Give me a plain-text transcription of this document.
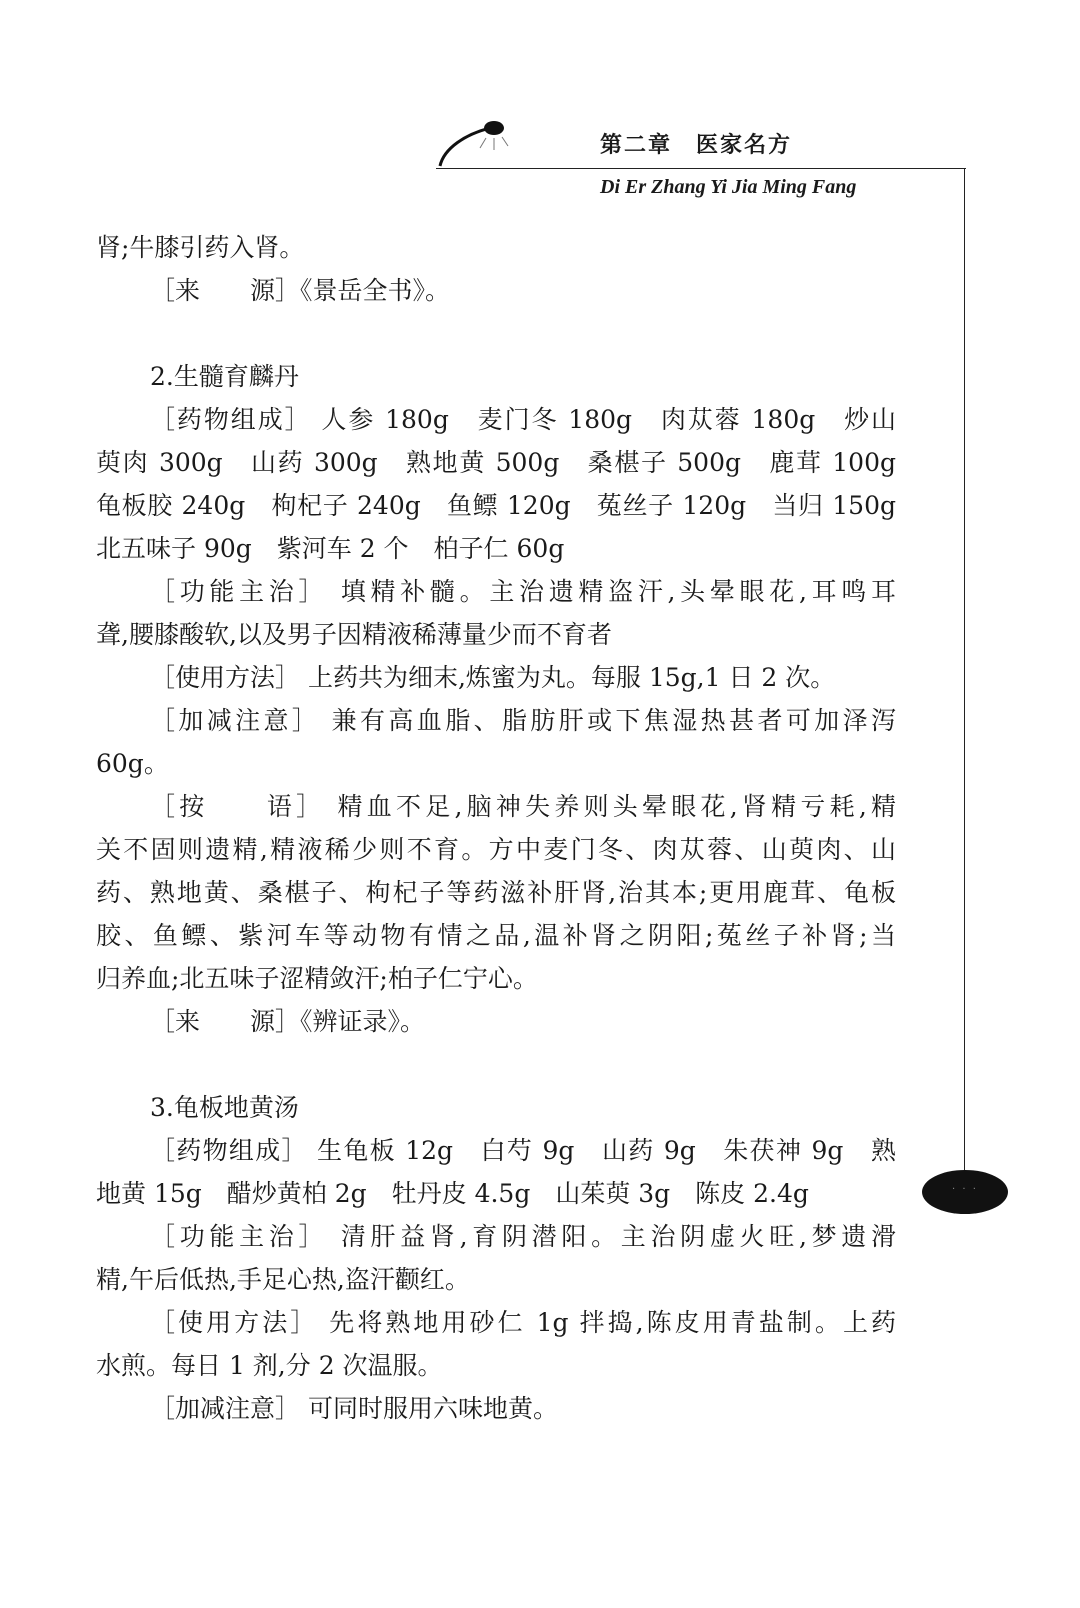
第二章　医家名方
Di Er Zhang Yi Jia Ming Fang
· · ·
肾;牛膝引药入肾。
［来　　源］《景岳全书》。
2.生髓育麟丹
［药物组成］ 人参 180g　麦门冬 180g　肉苁蓉 180g　炒山
萸肉 300g　山药 300g　熟地黄 500g　桑椹子 500g　鹿茸 100g
龟板胶 240g　枸杞子 240g　鱼鳔 120g　菟丝子 120g　当归 150g
北五味子 90g　紫河车 2 个　柏子仁 60g
［功能主治］ 填精补髓。主治遗精盗汗,头晕眼花,耳鸣耳
聋,腰膝酸软,以及男子因精液稀薄量少而不育者
［使用方法］ 上药共为细末,炼蜜为丸。每服 15g,1 日 2 次。
［加减注意］ 兼有高血脂、脂肪肝或下焦湿热甚者可加泽泻
60g。
［按　　语］ 精血不足,脑神失养则头晕眼花,肾精亏耗,精
关不固则遗精,精液稀少则不育。方中麦门冬、肉苁蓉、山萸肉、山
药、熟地黄、桑椹子、枸杞子等药滋补肝肾,治其本;更用鹿茸、龟板
胶、鱼鳔、紫河车等动物有情之品,温补肾之阴阳;菟丝子补肾;当
归养血;北五味子涩精敛汗;柏子仁宁心。
［来　　源］《辨证录》。
3.龟板地黄汤
［药物组成］ 生龟板 12g　白芍 9g　山药 9g　朱茯神 9g　熟
地黄 15g　醋炒黄柏 2g　牡丹皮 4.5g　山茱萸 3g　陈皮 2.4g
［功能主治］ 清肝益肾,育阴潜阳。主治阴虚火旺,梦遗滑
精,午后低热,手足心热,盗汗颧红。
［使用方法］ 先将熟地用砂仁 1g 拌捣,陈皮用青盐制。上药
水煎。每日 1 剂,分 2 次温服。
［加减注意］ 可同时服用六味地黄。
